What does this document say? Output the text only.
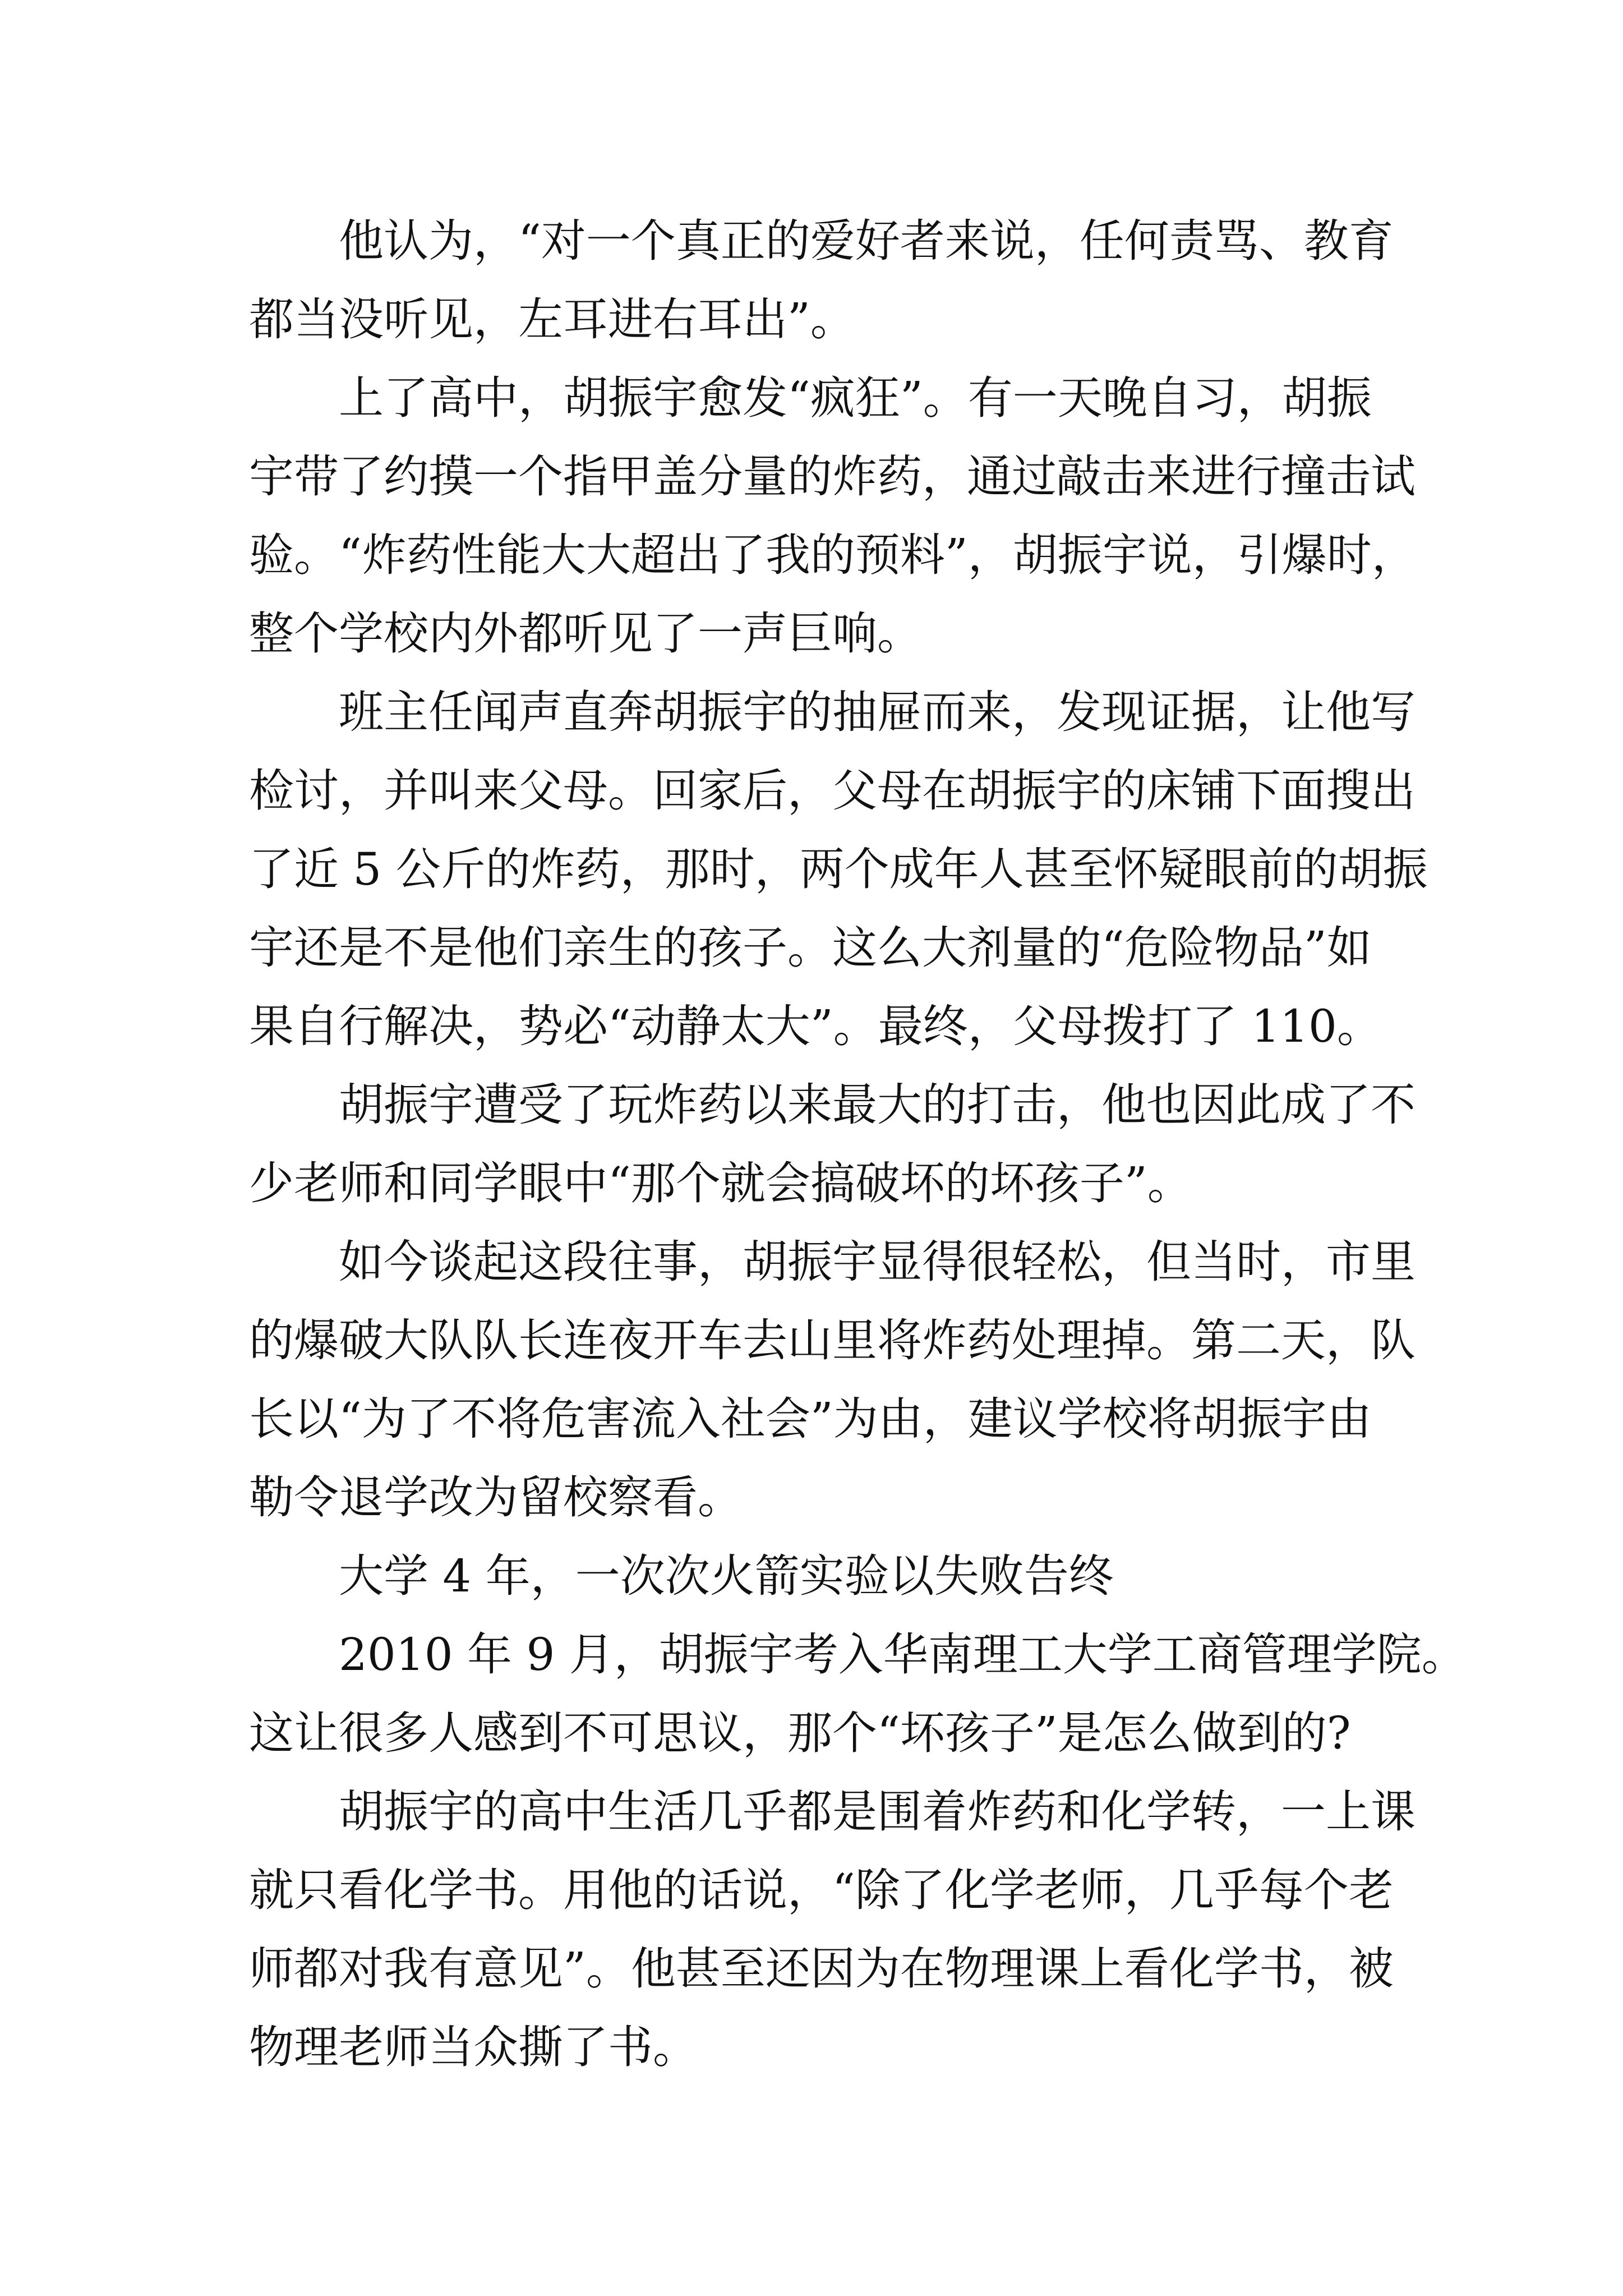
他认为，“对一个真正的爱好者来说，任何责骂、教育
都当没听见，左耳进右耳出”。
上了高中，胡振宇愈发“疯狂”。有一天晚自习，胡振
宇带了约摸一个指甲盖分量的炸药，通过敲击来进行撞击试
验。“炸药性能大大超出了我的预料”，胡振宇说，引爆时，
整个学校内外都听见了一声巨响。
班主任闻声直奔胡振宇的抽屉而来，发现证据，让他写
检讨，并叫来父母。回家后，父母在胡振宇的床铺下面搜出
了近 5 公斤的炸药，那时，两个成年人甚至怀疑眼前的胡振
宇还是不是他们亲生的孩子。这么大剂量的“危险物品”如
果自行解决，势必“动静太大”。最终，父母拨打了 110。
胡振宇遭受了玩炸药以来最大的打击，他也因此成了不
少老师和同学眼中“那个就会搞破坏的坏孩子”。
如今谈起这段往事，胡振宇显得很轻松，但当时，市里
的爆破大队队长连夜开车去山里将炸药处理掉。第二天，队
长以“为了不将危害流入社会”为由，建议学校将胡振宇由
勒令退学改为留校察看。
大学 4 年，一次次火箭实验以失败告终
2010 年 9 月，胡振宇考入华南理工大学工商管理学院。
这让很多人感到不可思议，那个“坏孩子”是怎么做到的?
胡振宇的高中生活几乎都是围着炸药和化学转，一上课
就只看化学书。用他的话说，“除了化学老师，几乎每个老
师都对我有意见”。他甚至还因为在物理课上看化学书，被
物理老师当众撕了书。
